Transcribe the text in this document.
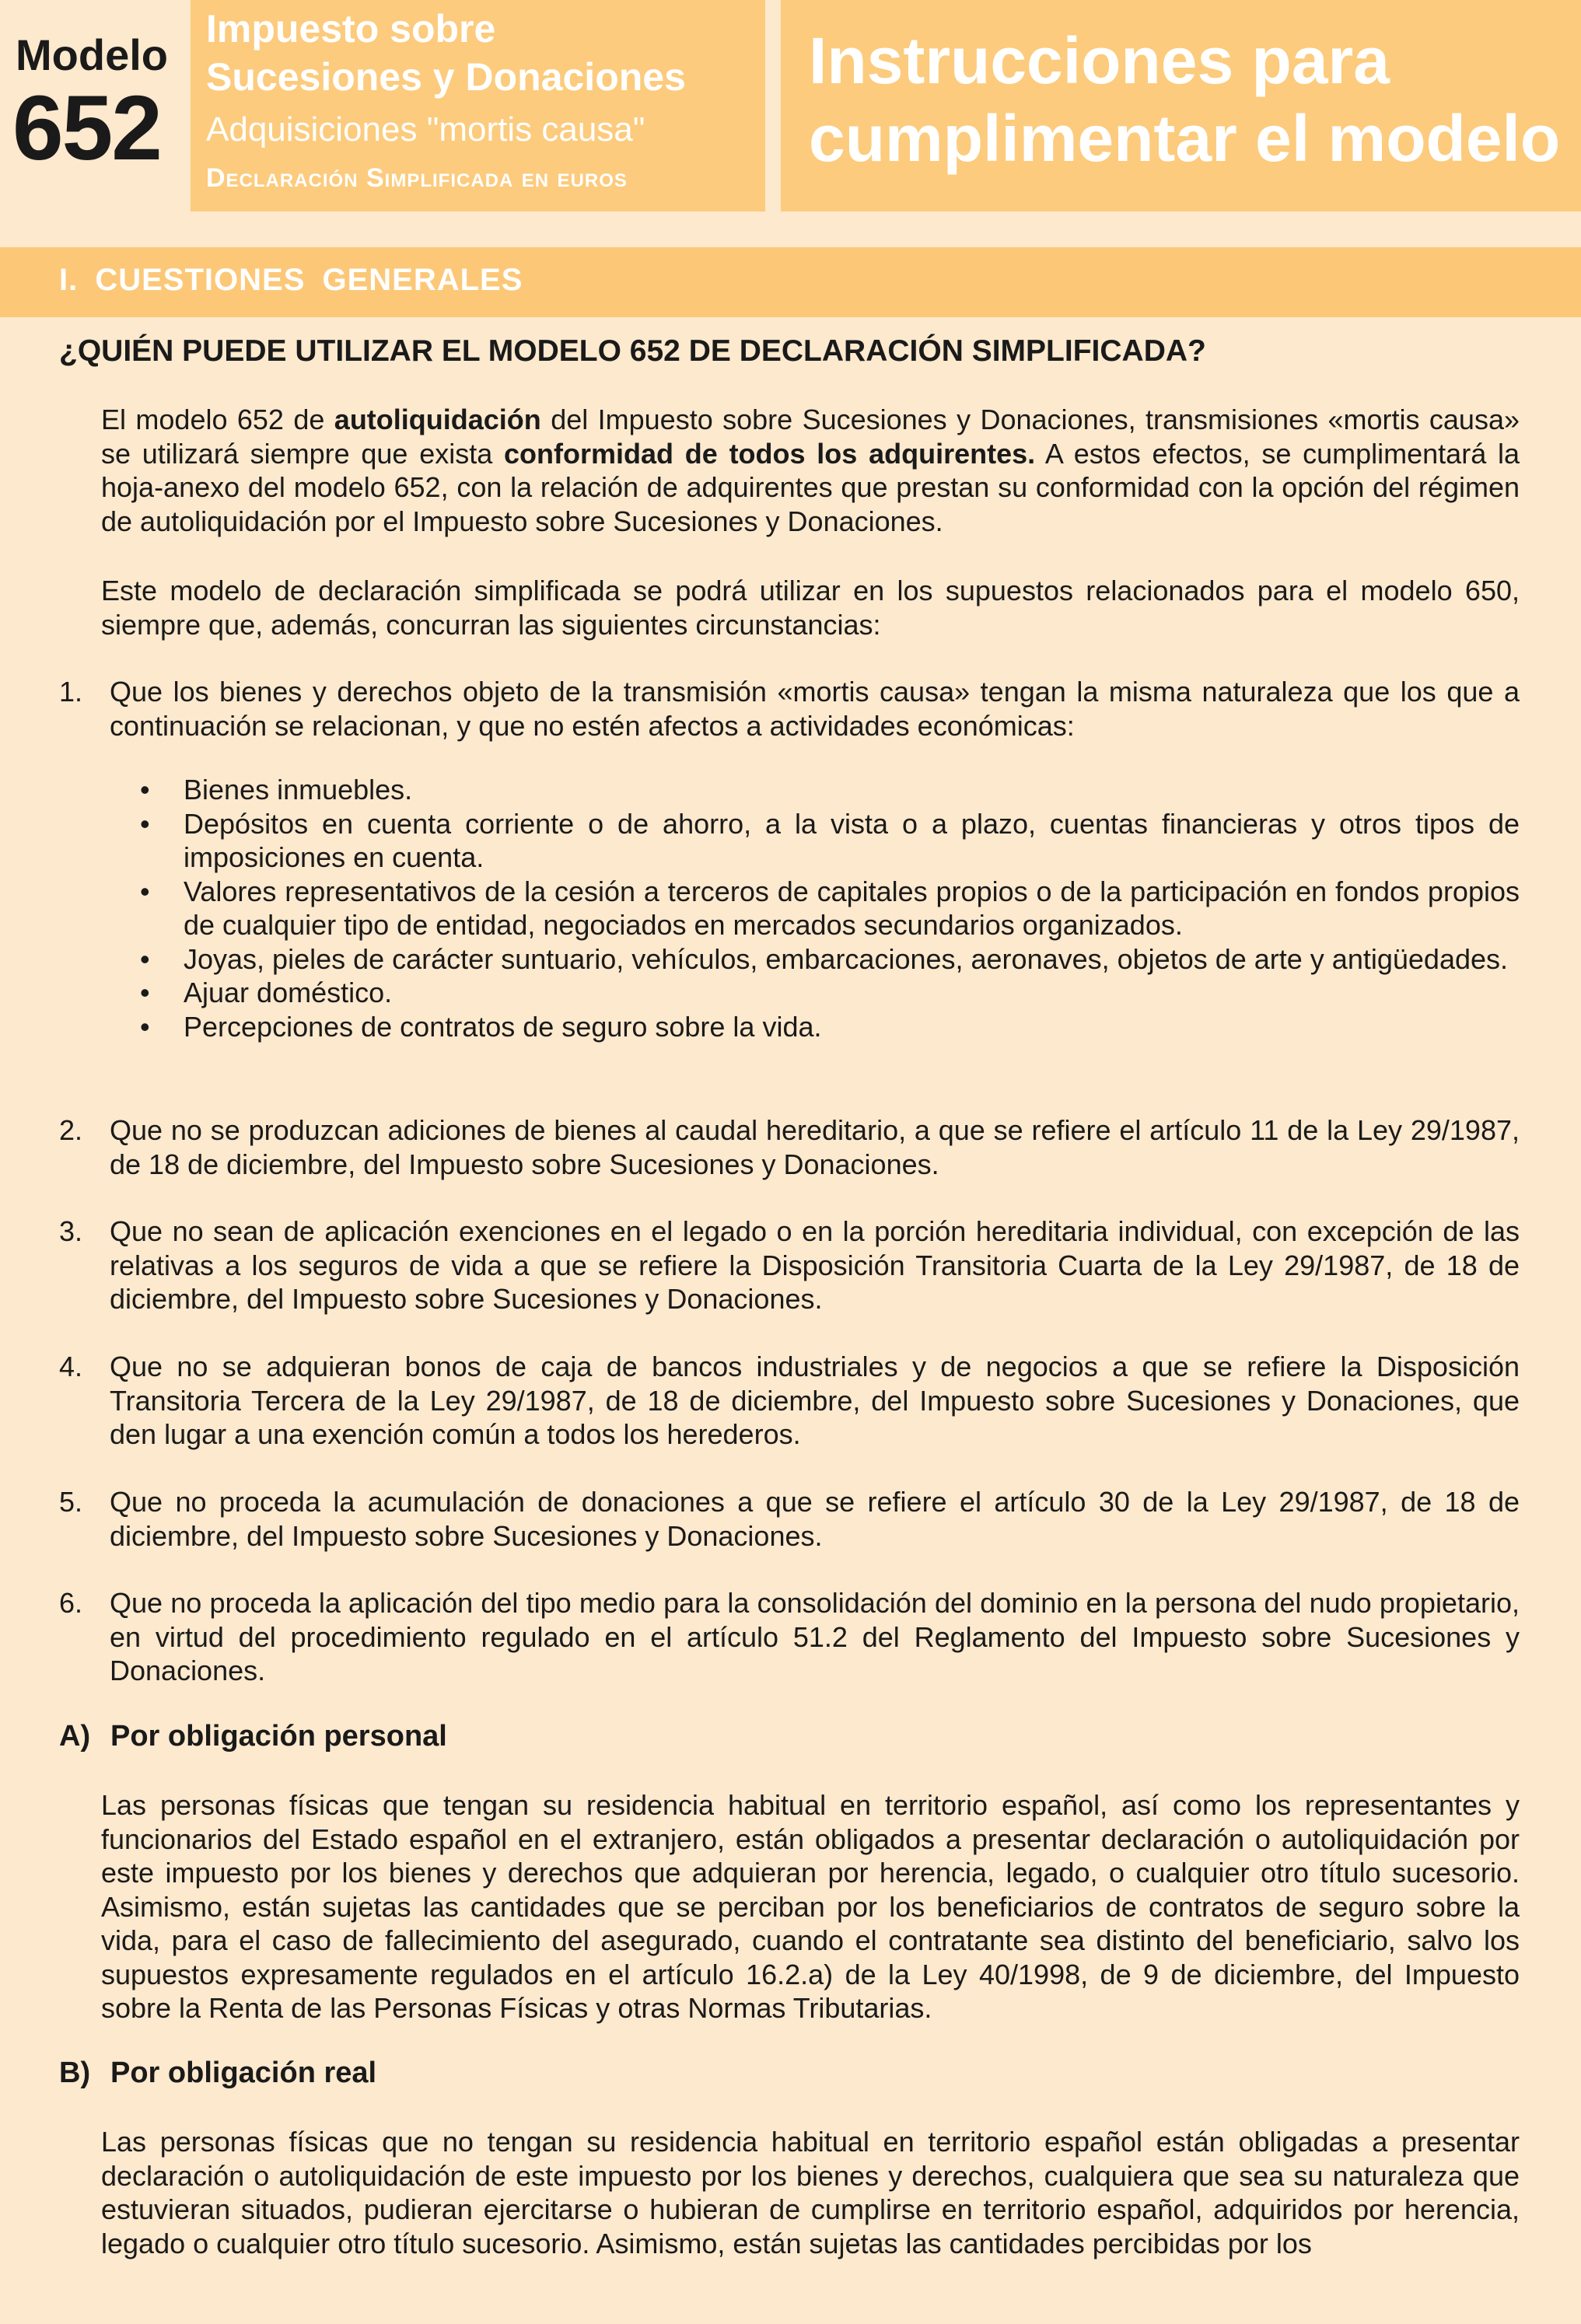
Modelo
652
Impuesto sobre
Sucesiones y Donaciones
Adquisiciones "mortis causa"
Declaración Simplificada en euros
Instrucciones para
cumplimentar el modelo
I. CUESTIONES GENERALES
¿QUIÉN PUEDE UTILIZAR EL MODELO 652 DE DECLARACIÓN SIMPLIFICADA?
El modelo 652 de autoliquidación del Impuesto sobre Sucesiones y Donaciones, transmisiones «mortis causa» se utilizará siempre que exista conformidad de todos los adquirentes. A estos efectos, se cumplimentará la hoja-anexo del modelo 652, con la relación de adquirentes que prestan su conformidad con la opción del régimen de autoliquidación por el Impuesto sobre Sucesiones y Donaciones.
Este modelo de declaración simplificada se podrá utilizar en los supuestos relacionados para el modelo 650, siempre que, además, concurran las siguientes circunstancias:
1. Que los bienes y derechos objeto de la transmisión «mortis causa» tengan la misma naturaleza que los que a continuación se relacionan, y que no estén afectos a actividades económicas:
• Bienes inmuebles.
• Depósitos en cuenta corriente o de ahorro, a la vista o a plazo, cuentas financieras y otros tipos de imposiciones en cuenta.
• Valores representativos de la cesión a terceros de capitales propios o de la participación en fondos propios de cualquier tipo de entidad, negociados en mercados secundarios organizados.
• Joyas, pieles de carácter suntuario, vehículos, embarcaciones, aeronaves, objetos de arte y antigüedades.
• Ajuar doméstico.
• Percepciones de contratos de seguro sobre la vida.
2. Que no se produzcan adiciones de bienes al caudal hereditario, a que se refiere el artículo 11 de la Ley 29/1987, de 18 de diciembre, del Impuesto sobre Sucesiones y Donaciones.
3. Que no sean de aplicación exenciones en el legado o en la porción hereditaria individual, con excepción de las relativas a los seguros de vida a que se refiere la Disposición Transitoria Cuarta de la Ley 29/1987, de 18 de diciembre, del Impuesto sobre Sucesiones y Donaciones.
4. Que no se adquieran bonos de caja de bancos industriales y de negocios a que se refiere la Disposición Transitoria Tercera de la Ley 29/1987, de 18 de diciembre, del Impuesto sobre Sucesiones y Donaciones, que den lugar a una exención común a todos los herederos.
5. Que no proceda la acumulación de donaciones a que se refiere el artículo 30 de la Ley 29/1987, de 18 de diciembre, del Impuesto sobre Sucesiones y Donaciones.
6. Que no proceda la aplicación del tipo medio para la consolidación del dominio en la persona del nudo propietario, en virtud del procedimiento regulado en el artículo 51.2 del Reglamento del Impuesto sobre Sucesiones y Donaciones.
A) Por obligación personal
Las personas físicas que tengan su residencia habitual en territorio español, así como los representantes y funcionarios del Estado español en el extranjero, están obligados a presentar declaración o autoliquidación por este impuesto por los bienes y derechos que adquieran por herencia, legado, o cualquier otro título sucesorio. Asimismo, están sujetas las cantidades que se perciban por los beneficiarios de contratos de seguro sobre la vida, para el caso de fallecimiento del asegurado, cuando el contratante sea distinto del beneficiario, salvo los supuestos expresamente regulados en el artículo 16.2.a) de la Ley 40/1998, de 9 de diciembre, del Impuesto sobre la Renta de las Personas Físicas y otras Normas Tributarias.
B) Por obligación real
Las personas físicas que no tengan su residencia habitual en territorio español están obligadas a presentar declaración o autoliquidación de este impuesto por los bienes y derechos, cualquiera que sea su naturaleza que estuvieran situados, pudieran ejercitarse o hubieran de cumplirse en territorio español, adquiridos por herencia, legado o cualquier otro título sucesorio. Asimismo, están sujetas las cantidades percibidas por los
